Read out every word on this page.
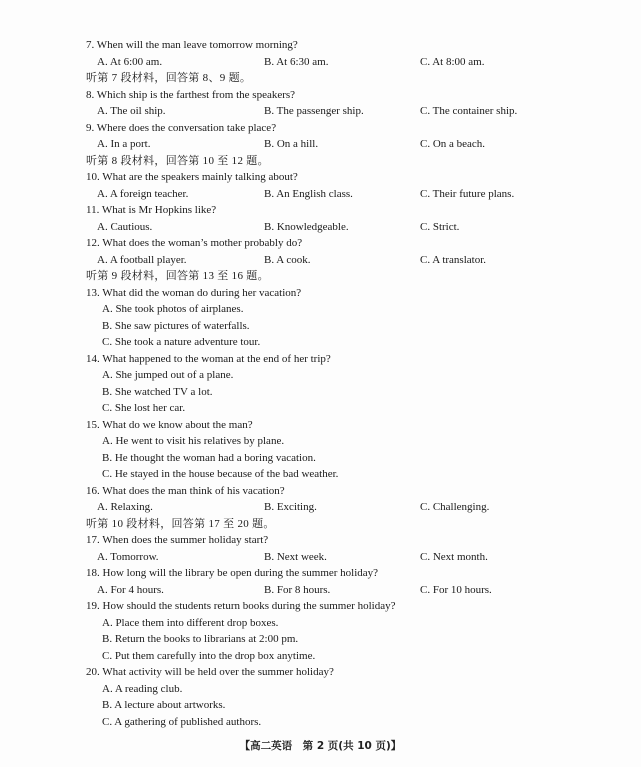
7. When will the man leave tomorrow morning?
A. At 6:00 am.	B. At 6:30 am.	C. At 8:00 am.
听第 7 段材料，回答第 8、9 题。
8. Which ship is the farthest from the speakers?
A. The oil ship.	B. The passenger ship.	C. The container ship.
9. Where does the conversation take place?
A. In a port.	B. On a hill.	C. On a beach.
听第 8 段材料，回答第 10 至 12 题。
10. What are the speakers mainly talking about?
A. A foreign teacher.	B. An English class.	C. Their future plans.
11. What is Mr Hopkins like?
A. Cautious.	B. Knowledgeable.	C. Strict.
12. What does the woman’s mother probably do?
A. A football player.	B. A cook.	C. A translator.
听第 9 段材料，回答第 13 至 16 题。
13. What did the woman do during her vacation?
A. She took photos of airplanes.
B. She saw pictures of waterfalls.
C. She took a nature adventure tour.
14. What happened to the woman at the end of her trip?
A. She jumped out of a plane.
B. She watched TV a lot.
C. She lost her car.
15. What do we know about the man?
A. He went to visit his relatives by plane.
B. He thought the woman had a boring vacation.
C. He stayed in the house because of the bad weather.
16. What does the man think of his vacation?
A. Relaxing.	B. Exciting.	C. Challenging.
听第 10 段材料，回答第 17 至 20 题。
17. When does the summer holiday start?
A. Tomorrow.	B. Next week.	C. Next month.
18. How long will the library be open during the summer holiday?
A. For 4 hours.	B. For 8 hours.	C. For 10 hours.
19. How should the students return books during the summer holiday?
A. Place them into different drop boxes.
B. Return the books to librarians at 2:00 pm.
C. Put them carefully into the drop box anytime.
20. What activity will be held over the summer holiday?
A. A reading club.
B. A lecture about artworks.
C. A gathering of published authors.
【高二英语　第 2 页(共 10 页)】
